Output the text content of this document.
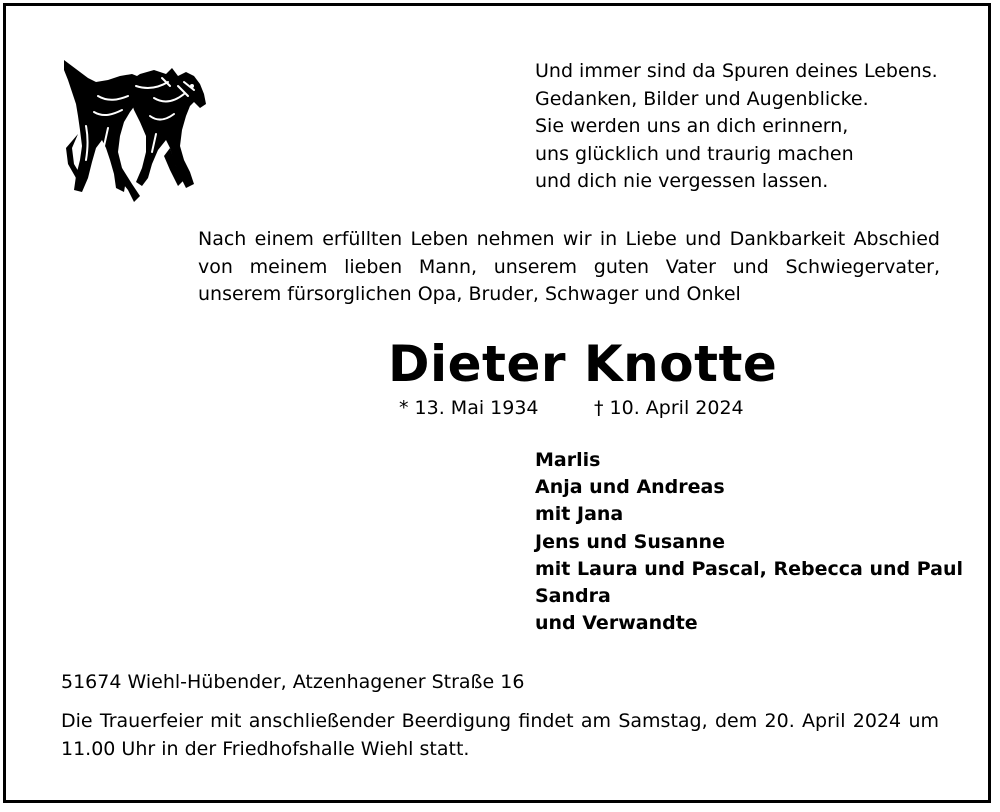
Und immer sind da Spuren deines Lebens.
Gedanken, Bilder und Augenblicke.
Sie werden uns an dich erinnern,
uns glücklich und traurig machen
und dich nie vergessen lassen.
Nach einem erfüllten Leben nehmen wir in Liebe und Dankbarkeit Abschied von meinem lieben Mann, unserem guten Vater und Schwiegervater, unserem fürsorglichen Opa, Bruder, Schwager und Onkel
Dieter Knotte
* 13. Mai 1934	† 10. April 2024
Marlis
Anja und Andreas
mit Jana
Jens und Susanne
mit Laura und Pascal, Rebecca und Paul
Sandra
und Verwandte
51674 Wiehl-Hübender, Atzenhagener Straße 16
Die Trauerfeier mit anschließender Beerdigung findet am Samstag, dem 20. April 2024 um 11.00 Uhr in der Friedhofshalle Wiehl statt.
